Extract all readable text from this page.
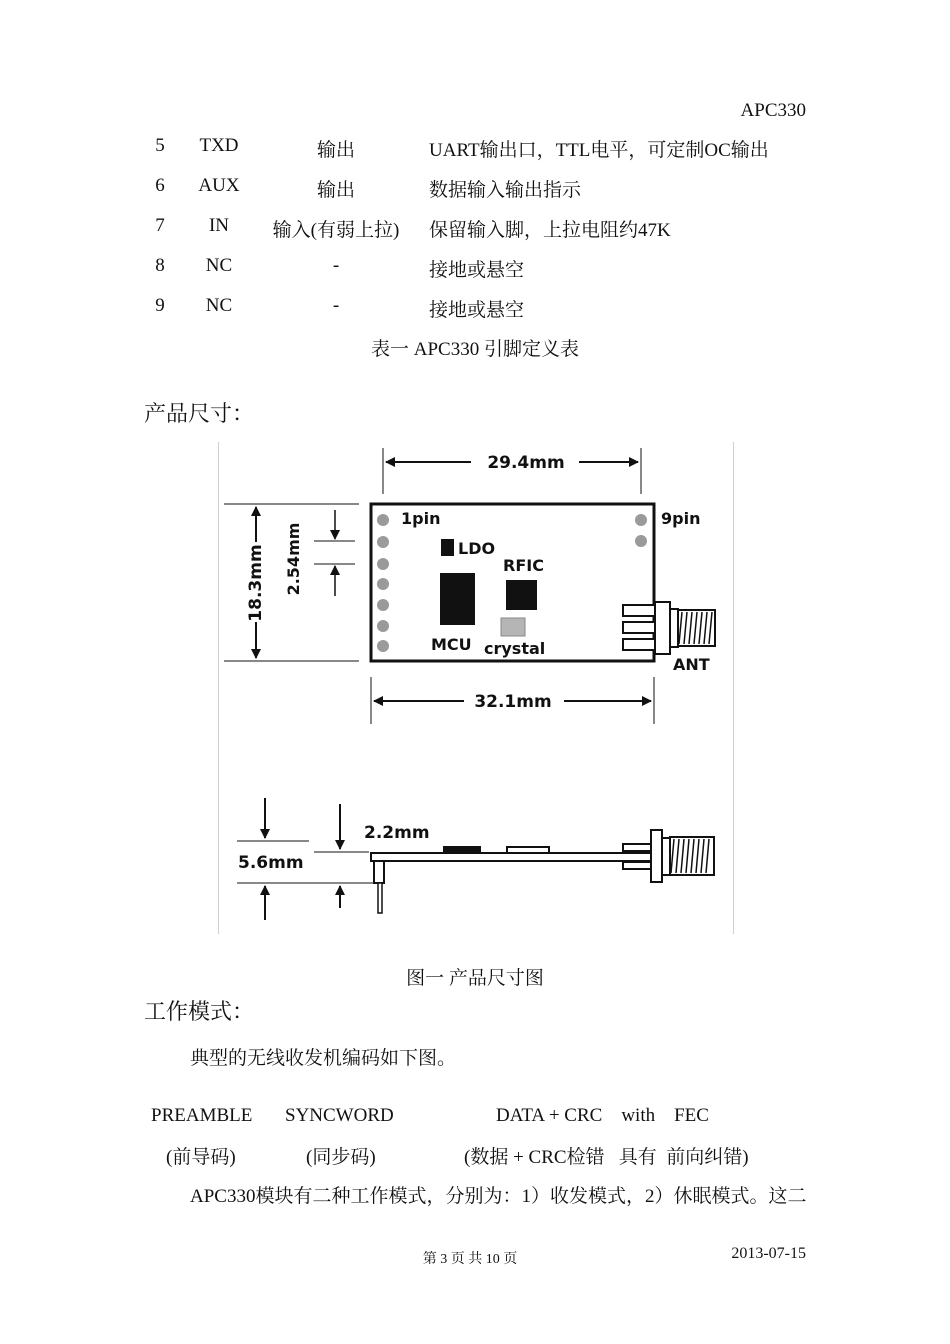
APC330
5	TXD	输出	UART输出口，TTL电平，可定制OC输出
6	AUX	输出	数据输入输出指示
7	IN	输入(有弱上拉)	保留输入脚，上拉电阻约47K
8	NC	-	接地或悬空
9	NC	-	接地或悬空
表一 APC330 引脚定义表
产品尺寸：
29.4mm
18.3mm 2.54mm
1pin	9pin
LDO
RFIC
MCU crystal
ANT
32.1mm
5.6mm
2.2mm
图一 产品尺寸图
工作模式：
典型的无线收发机编码如下图。
PREAMBLE SYNCWORD	DATA + CRC    with    FEC
(前导码)	(同步码)	(数据 + CRC检错   具有  前向纠错)
APC330模块有二种工作模式，分别为：1）收发模式，2）休眠模式。这二
第 3 页 共 10 页	2013-07-15
